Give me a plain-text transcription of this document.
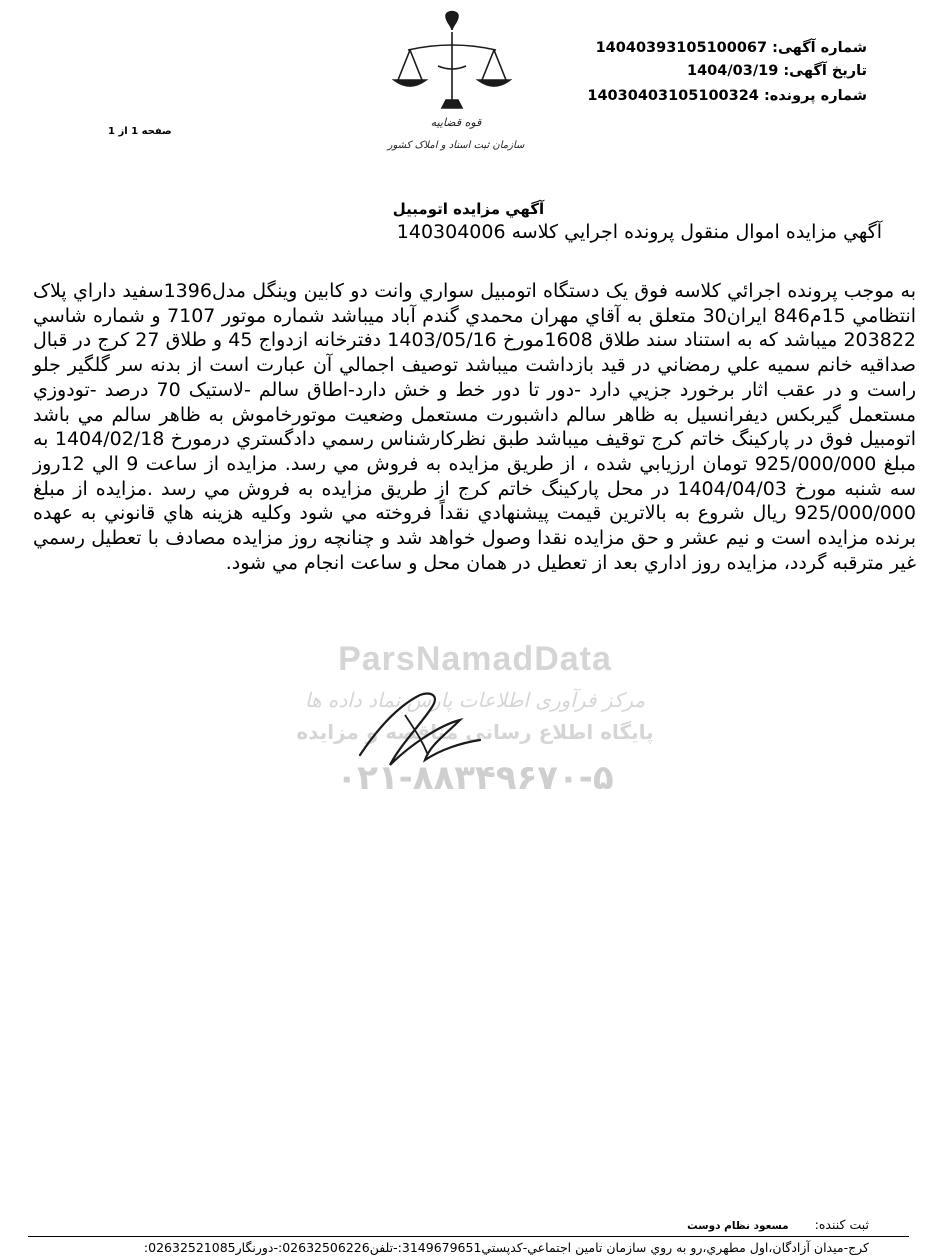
شماره آگهی: 14040393105100067
تاریخ آگهی: 1404/03/19
شماره پرونده: 14030403105100324
صفحه 1 از 1
قوه قضاییه
سازمان ثبت اسناد و املاک کشور
آگهي مزايده اتومبيل
آگهي مزايده اموال منقول پرونده اجرايي کلاسه 140304006
به موجب پرونده اجرائي کلاسه فوق يک دستگاه اتومبيل سواري وانت دو کابين وينگل مدل1396سفيد داراي پلاک انتظامي 15م846 ايران30 متعلق به آقاي مهران محمدي گندم آباد ميباشد شماره موتور 7107 و شماره شاسي 203822 ميباشد که به استناد سند طلاق 1608مورخ 1403/05/16 دفترخانه ازدواج 45 و طلاق 27 کرج در قبال صداقيه خانم سميه علي رمضاني در قيد بازداشت ميباشد توصيف اجمالي آن عبارت است از بدنه سر گلگير جلو راست و در عقب اثار برخورد جزيي دارد -دور تا دور خط و خش دارد-اطاق سالم -لاستيک 70 درصد -تودوزي مستعمل گيربکس ديفرانسيل به ظاهر سالم داشبورت مستعمل وضعيت موتورخاموش به ظاهر سالم مي باشد اتومبيل فوق در پارکينگ خاتم کرج توقيف ميباشد طبق نظرکارشناس رسمي دادگستري درمورخ 1404/02/18 به مبلغ 925/000/000 تومان ارزيابي شده ، از طريق مزايده به فروش مي رسد. مزايده از ساعت 9 الي 12روز سه شنبه مورخ 1404/04/03 در محل پارکينگ خاتم کرج از طريق مزايده به فروش مي رسد .مزايده از مبلغ 925/000/000 ريال شروع به بالاترين قيمت پيشنهادي نقداً فروخته مي شود وکليه هزينه هاي قانوني به عهده برنده مزايده است و نيم عشر و حق مزايده نقدا وصول خواهد شد و چنانچه روز مزايده مصادف با تعطيل رسمي غير مترقبه گردد، مزايده روز اداري بعد از تعطيل در همان محل و ساعت انجام مي شود.
ParsNamadData
مرکز فرآوری اطلاعات پارس نماد داده ها
پایگاه اطلاع رسانی مناقصه و مزایده
۰۲۱-۸۸۳۴۹۶۷۰-۵
ثبت کننده: مسعود نظام دوست
کرج-ميدان آزادگان،اول مطهري،رو به روي سازمان تامين اجتماعي-کدپستي3149679651:-تلفن02632506226:-دورنگار02632521085:
